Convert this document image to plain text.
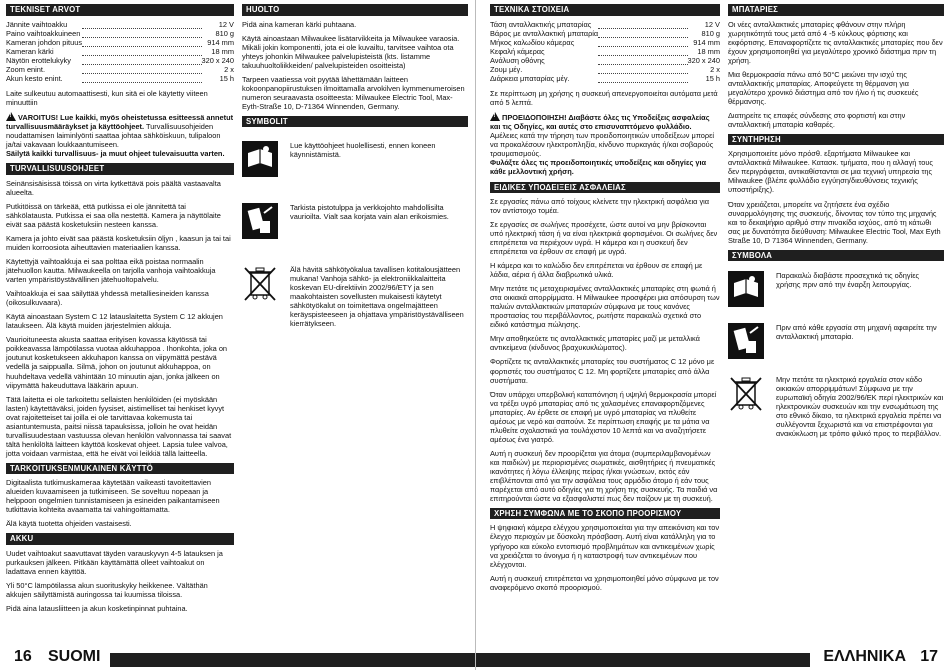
TEKNISET ARVOT
Jännite vaihtoakku		12 V
Paino vaihtoakkuineen		810 g
Kameran johdon pituus		914 mm
Kameran kärki		18 mm
Näytön erottelukyky		320 x 240
Zoom enint.		2 x
Akun kesto enint.		15 h

Laite sulkeutuu automaattisesti, kun sitä ei ole käytetty viiteen minuuttiin

!VAROITUS! Lue kaikki, myös oheistetussa esitteessä annetut turvallisuusmääräykset ja käyttöohjeet. Turvallisuusohjeiden noudattamisen laiminlyönti saattaa johtaa sähköiskuun, tulipaloon ja/tai vakavaan loukkaantumiseen.
Säilytä kaikki turvallisuus- ja muut ohjeet tulevaisuutta varten.

TURVALLISUUSOHJEET

Seinänsisäisissä töissä on virta kytkettävä pois päältä vastaavalta alueelta.

Putkitöissä on tärkeää, että putkissa ei ole jännitettä tai sähkölatausta. Putkissa ei saa olla nestettä. Kamera ja näyttölaite eivät saa päästä kosketuksiin nesteen kanssa.

Kamera ja johto eivät saa päästä kosketuksiin öljyn , kaasun ja tai tai muiden korroosiota aiheuttavien materiaalien kanssa.

Käytettyjä vaihtoakkuja ei saa polttaa eikä poistaa normaalin jätehuollon kautta. Milwaukeella on tarjolla vanhoja vaihtoakkuja varten ympäristöystävällinen jätehuoltopalvelu.

Vaihtoakkuja ei saa säilyttää yhdessä metalliesineiden kanssa (oikosulkuvaara).

Käytä ainoastaan System C 12 latauslaitetta System C 12 akkujen lataukseen. Älä käytä muiden järjestelmien akkuja.

Vaurioituneesta akusta saattaa erityisen kovassa käytössä tai poikkeavassa lämpötilassa vuotaa akkuhappoa . Ihonkohta, joka on joutunut kosketukseen akkuhapon kanssa on viipymättä pestävä vedellä ja saippualla. Silmä, johon on joutunut akkuhappoa, on huuhdeltava vedellä vähintään 10 minuutin ajan, jonka jälkeen on viipymättä hakeuduttava lääkärin apuun.

Tätä laitetta ei ole tarkoitettu sellaisten henkilöiden (ei myöskään lasten) käytettäväksi, joiden fyysiset, aistimelliset tai henkiset kyvyt ovat rajoitetteiset tai joilla ei ole tarvittavaa kokemusta tai asiantuntemusta, paitsi niissä tapauksissa, jolloin he ovat heidän turvallisuudestaan vastuussa olevan henkilön valvonnassa tai saavat tältä henkilöltä laitteen käyttöä koskevat ohjeet. Lapsia tulee valvoa, jotta voidaan varmistaa, että he eivät voi leikkiä tällä laitteella.

TARKOITUKSENMUKAINEN KÄYTTÖ

Digitaalista tutkimuskameraa käytetään vaikeasti tavoitettavien alueiden kuvaamiseen ja tutkimiseen. Se soveltuu nopeaan ja helppoon ongelmien tunnistamiseen ja esineiden paikantamiseen tutkittavia kohteita avaamatta tai vahingoittamatta.

Älä käytä tuotetta ohjeiden vastaisesti.

AKKU

Uudet vaihtoakut saavuttavat täyden varauskyvyn 4-5 latauksen ja purkauksen jälkeen. Pitkään käyttämättä olleet vaihtoakut on ladattava ennen käyttöä.

Yli 50°C lämpötilassa akun suorituskyky heikkenee. Vältäthän akkujen säilyttämistä auringossa tai kuumissa tiloissa.

Pidä aina latausliitteen ja akun kosketinpinnat puhtaina.

HUOLTO

Pidä aina kameran kärki puhtaana.

Käytä ainoastaan Milwaukee lisätarvikkeita ja Milwaukee varaosia. Mikäli jokin komponentti, jota ei ole kuvailtu, tarvitsee vaihtoa ota yhteys johonkin Milwaukee palvelupisteistä (kts. listamme takuuhuoltoliikkeiden/ palvelupisteiden osoitteista)

Tarpeen vaatiessa voit pyytää lähettämään laitteen kokoonpanopiirustuksen ilmoittamalla arvokilven kymmenumeroisen numeron seuraavasta osoitteesta: Milwaukee Electric Tool, Max-Eyth-Straße 10, D-71364 Winnenden, Germany.

SYMBOLIT
Lue käyttöohjeet huolellisesti, ennen koneen käynnistämistä.
Tarkista pistotulppa ja verkkojohto mahdollisilta vaurioilta. Vialt saa korjata vain alan erikoismies.
Älä hävitä sähkötyökalua tavallisen kotitalousjätteen mukana! Vanhoja sähkö- ja elektroniikkalaitteita koskevan EU-direktiivin 2002/96/ETY ja sen maakohtaisten sovellusten mukaisesti käytetyt sähkötyökalut on toimitettava ongelmajätteen keräyspisteeseen ja ohjattava ympäristöystävälliseen kierrätykseen.
ΤΕΧΝΙΚΑ ΣΤΟΙΧΕΙΑ
Τάση ανταλλακτικής μπαταρίας		12 V
Βάρος με ανταλλακτική μπαταρία		810 g
Μήκος καλωδίου κάμερας		914 mm
Κεφαλή κάμερας		18 mm
Ανάλυση οθόνης		320 x 240
Ζουμ μέγ.		2 x
Διάρκεια μπαταρίας μέγ.		15 h

Σε περίπτωση μη χρήσης η συσκευή απενεργοποιείται αυτόματα μετά από 5 λεπτά.

!ΠΡΟΕΙΔΟΠΟΙΗΣΗ! Διαβάστε όλες τις Υποδείξεις ασφαλείας και τις Οδηγίες, και αυτές στο επισυναπτόμενο φυλλάδιο. Αμέλειες κατά την τήρηση των προειδοποιητικών υποδείξεων μπορεί να προκαλέσουν ηλεκτροπληξία, κίνδυνο πυρκαγιάς ή/και σοβαρούς τραυματισμούς.
Φυλάξτε όλες τις προειδοποιητικές υποδείξεις και οδηγίες για κάθε μελλοντική χρήση.

ΕΙΔΙΚΕΣ ΥΠΟΔΕΙΞΕΙΣ ΑΣΦΑΛΕΙΑΣ

Σε εργασίες πάνω από τοίχους κλείνετε την ηλεκτρική ασφάλεια για τον αντίστοιχο τομέα.

Σε εργασίες σε σωλήνες προσέχετε, ώστε αυτοί να μην βρίσκονται υπό ηλεκτρική τάση ή να είναι ηλεκτρικά φορτισμένοι. Οι σωλήνες δεν επιτρέπεται να περιέχουν υγρά. Η κάμερα και η συσκευή δεν επιτρέπεται να έρθουν σε επαφή με υγρά.

Η κάμερα και το καλώδιο δεν επιτρέπεται να έρθουν σε επαφή με λάδια, αέρια ή άλλα διαβρωτικά υλικά.

Μην πετάτε τις μεταχειρισμένες ανταλλακτικές μπαταρίες στη φωτιά ή στα οικιακά απορρίμματα. Η Milwaukee προσφέρει μια απόσυρση των παλιών ανταλλακτικών μπαταριών σύμφωνα με τους κανόνες προστασίας του περιβάλλοντος, ρωτήστε παρακαλώ σχετικά στο ειδικό κατάστημα πώλησης.

Μην αποθηκεύετε τις ανταλλακτικές μπαταρίες μαζί με μεταλλικά αντικείμενα (κίνδυνος βραχυκυκλώματος).

Φορτίζετε τις ανταλλακτικές μπαταρίες του συστήματος C 12 μόνο με φορτιστές του συστήματος C 12. Μη φορτίζετε μπαταρίες από άλλα συστήματα.

Όταν υπάρχει υπερβολική καταπόνηση ή υψηλή θερμοκρασία μπορεί να τρέξει υγρό μπαταρίας από τις χαλασμένες επαναφορτιζόμενες μπαταρίες. Αν έρθετε σε επαφή με υγρό μπαταρίας να πλυθείτε αμέσως με νερό και σαπούνι. Σε περίπτωση επαφής με τα μάτια να πλυθείτε σχολαστικά για τουλάχιστον 10 λεπτά και να αναζητήσετε αμέσως ένα γιατρό.

Αυτή η συσκευή δεν προορίζεται για άτομα (συμπεριλαμβανομένων και παιδιών) με περιορισμένες σωματικές, αισθητήριες ή πνευματικές ικανότητες ή λόγω έλλειψης πείρας ή/και γνώσεων, εκτός εάν επιβλέπονται από για την ασφάλεια τους αρμόδιο άτομο ή εάν τους παρέχεται από αυτό οδηγίες για τη χρήση της συσκευής. Τα παιδιά να επιτηρούνται ώστε να εξασφαλιστεί πως δεν παίζουν με τη συσκευή.

ΧΡΗΣΗ ΣΥΜΦΩΝΑ ΜΕ ΤΟ ΣΚΟΠΟ ΠΡΟΟΡΙΣΜΟΥ

Η ψηφιακή κάμερα ελέγχου χρησιμοποιείται για την απεικόνιση και τον έλεγχο περιοχών με δύσκολη πρόσβαση. Αυτή είναι κατάλληλη για το γρήγορο και εύκολο εντοπισμό προβλημάτων και αντικειμένων χωρίς να χρειάζεται το άνοιγμα ή η καταστροφή των αντικειμένων που ελέγχονται.

Αυτή η συσκευή επιτρέπεται να χρησιμοποιηθεί μόνο σύμφωνα με τον αναφερόμενο σκοπό προορισμού.

ΜΠΑΤΑΡΙΕΣ

Οι νέες ανταλλακτικές μπαταρίες φθάνουν στην πλήρη χωρητικότητά τους μετά από 4 -5 κύκλους φόρτισης και εκφόρτισης. Επαναφορτίζετε τις ανταλλακτικές μπαταρίες που δεν έχουν χρησιμοποιηθεί για μεγαλύτερο χρονικό διάστημα πριν τη χρήση.

Μια θερμοκρασία πάνω από 50°C μειώνει την ισχύ της ανταλλακτικής μπαταρίας. Αποφεύγετε τη θέρμανση για μεγαλύτερο χρονικό διάστημα από τον ήλιο ή τις συσκευές θέρμανσης.

Διατηρείτε τις επαφές σύνδεσης στο φορτιστή και στην ανταλλακτική μπαταρία καθαρές.

ΣΥΝΤΗΡΗΣΗ

Χρησιμοποιείτε μόνο πρόσθ. εξαρτήματα Milwaukee και ανταλλακτικά Milwaukee. Κατασκ. τμήματα, που η αλλαγή τους δεν περιγράφεται, αντικαθίστανται σε μια τεχνική υπηρεσία της Milwaukee (βλέπε φυλλάδιο εγγύηση/διευθύνσεις τεχνικής υποστήριξης).

Όταν χρειάζεται, μπορείτε να ζητήσετε ένα σχέδιο συναρμολόγησης της συσκευής, δίνοντας τον τύπο της μηχανής και το δεκαψήφιο αριθμό στην πινακίδα ισχύος, από τη κάτωθι σας με δυνατότητα διεύθυνση: Milwaukee Electric Tool, Max Eyth Straße 10, D 71364 Winnenden, Germany.

ΣΥΜΒΟΛΑ
Παρακαλώ διαβάστε προσεχτικά τις οδηγίες χρήσης πριν από την έναρξη λειτουργίας.
Πριν από κάθε εργασία στη μηχανή αφαιρείτε την ανταλλακτική μπαταρία.
Μην πετάτε τα ηλεκτρικά εργαλεία στον κάδο οικιακών απορριμμάτων! Σύμφωνα με την ευρωπαϊκή οδηγία 2002/96/ΕΚ περί ηλεκτρικών και ηλεκτρονικών συσκευών και την ενσωμάτωση της στο εθνικό δίκαιο, τα ηλεκτρικά εργαλεία πρέπει να συλλέγονται ξεχωριστά και να επιστρέφονται για ανακύκλωση με τρόπο φιλικό προς το περιβάλλον.
16 SUOMI	ΕΛΛΗΝΙΚΑ 17
